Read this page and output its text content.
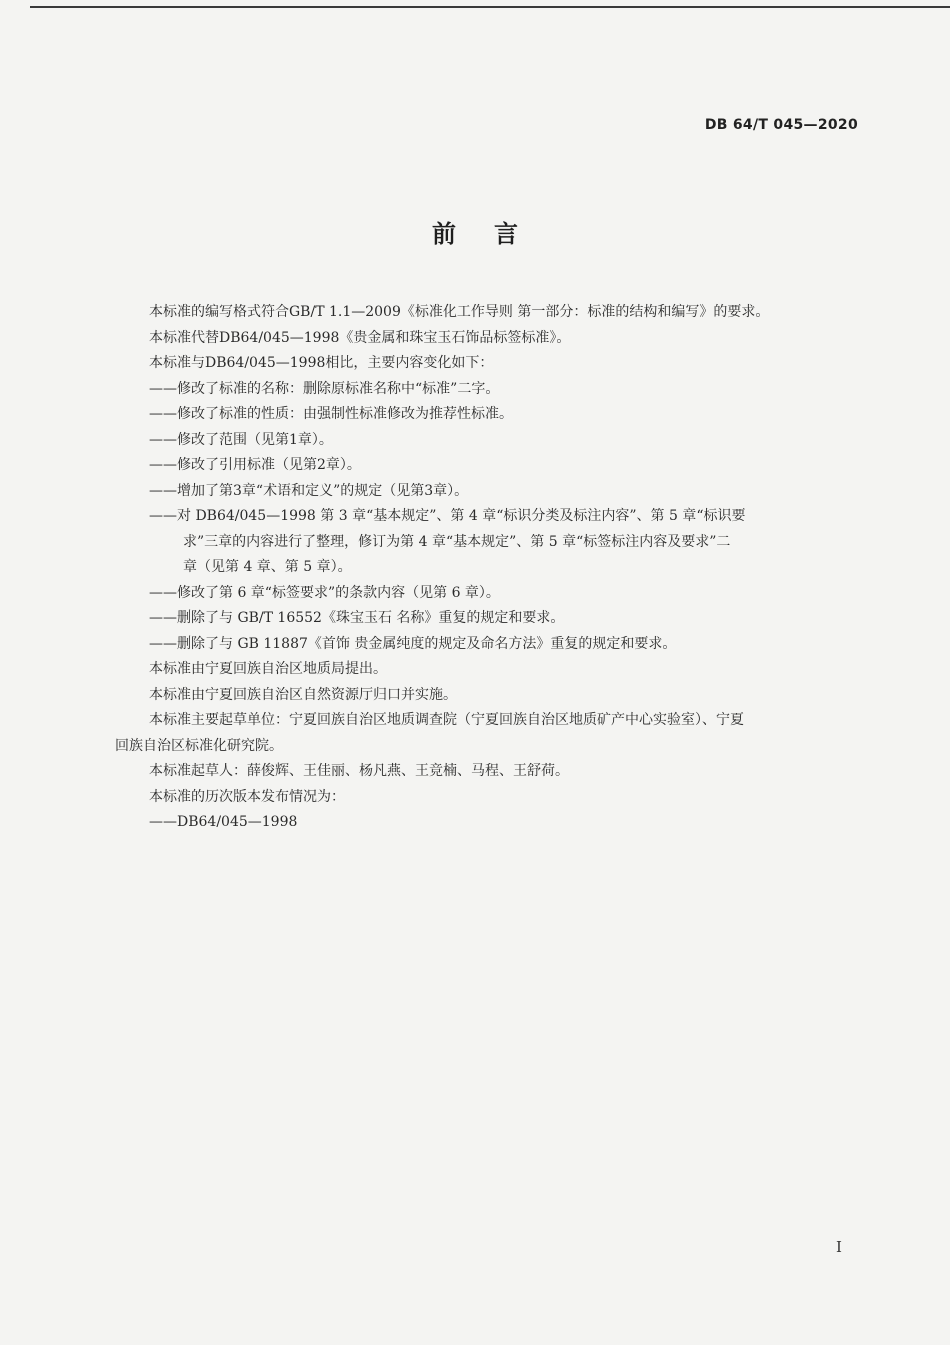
DB 64/T 045—2020
前言

本标准的编写格式符合GB/T 1.1—2009《标准化工作导则 第一部分：标准的结构和编写》的要求。

本标准代替DB64/045—1998《贵金属和珠宝玉石饰品标签标准》。

本标准与DB64/045—1998相比，主要内容变化如下：

——修改了标准的名称：删除原标准名称中“标准”二字。

——修改了标准的性质：由强制性标准修改为推荐性标准。

——修改了范围（见第1章）。

——修改了引用标准（见第2章）。

——增加了第3章“术语和定义”的规定（见第3章）。

——对 DB64/045—1998 第 3 章“基本规定”、第 4 章“标识分类及标注内容”、第 5 章“标识要
求”三章的内容进行了整理，修订为第 4 章“基本规定”、第 5 章“标签标注内容及要求”二
章（见第 4 章、第 5 章）。

——修改了第 6 章“标签要求”的条款内容（见第 6 章）。

——删除了与 GB/T 16552《珠宝玉石 名称》重复的规定和要求。

——删除了与 GB 11887《首饰 贵金属纯度的规定及命名方法》重复的规定和要求。

本标准由宁夏回族自治区地质局提出。

本标准由宁夏回族自治区自然资源厅归口并实施。

本标准主要起草单位：宁夏回族自治区地质调查院（宁夏回族自治区地质矿产中心实验室）、宁夏
回族自治区标准化研究院。

本标准起草人：薛俊辉、王佳丽、杨凡燕、王竞楠、马程、王舒荷。

本标准的历次版本发布情况为：

——DB64/045—1998

I
